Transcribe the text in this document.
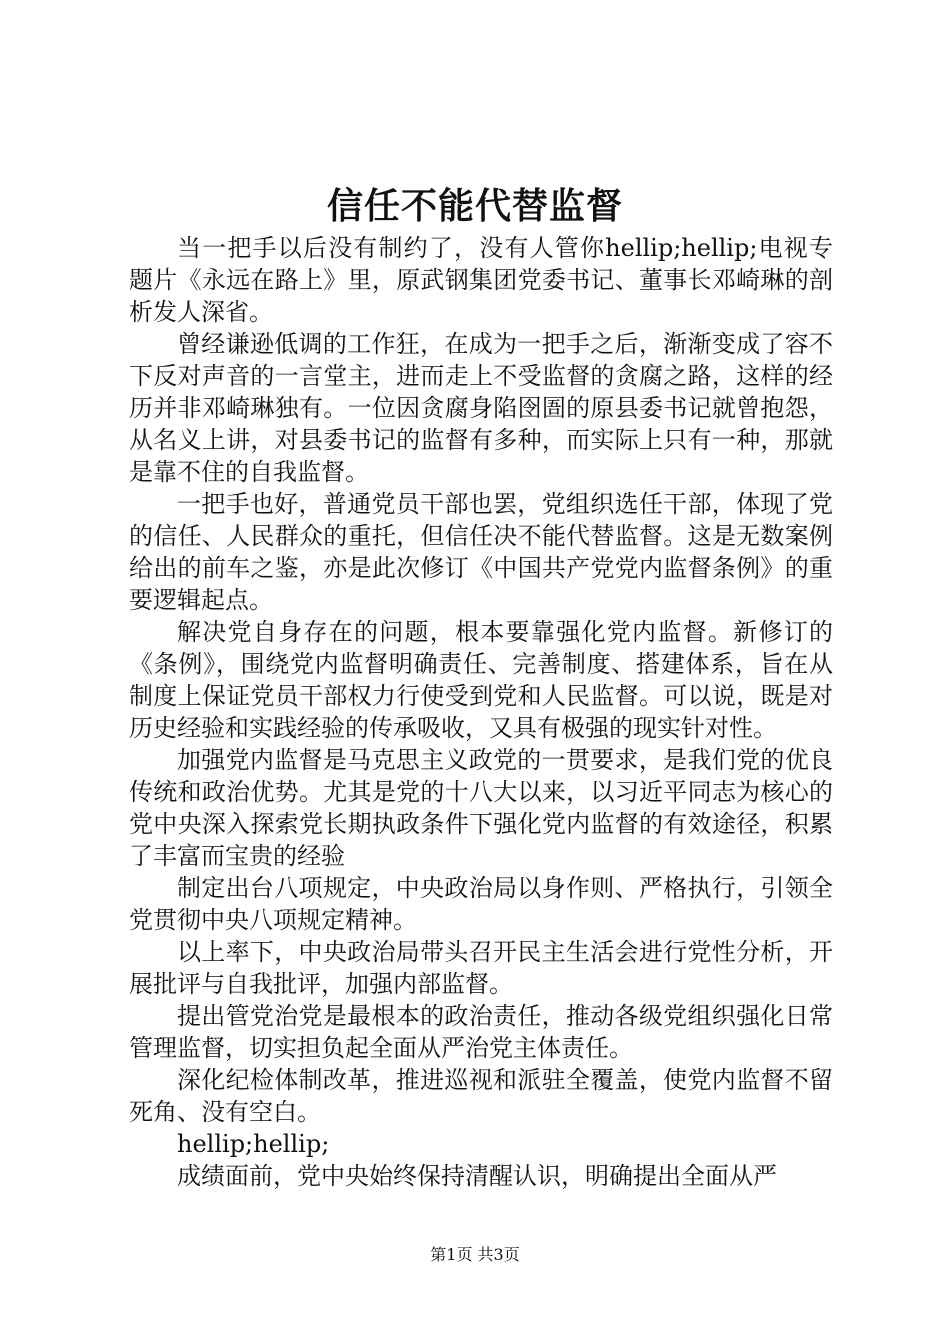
信任不能代替监督

当一把手以后没有制约了，没有人管你hellip;hellip;电视专题片《永远在路上》里，原武钢集团党委书记、董事长邓崎琳的剖析发人深省。

曾经谦逊低调的工作狂，在成为一把手之后，渐渐变成了容不下反对声音的一言堂主，进而走上不受监督的贪腐之路，这样的经历并非邓崎琳独有。一位因贪腐身陷囹圄的原县委书记就曾抱怨，从名义上讲，对县委书记的监督有多种，而实际上只有一种，那就是靠不住的自我监督。

一把手也好，普通党员干部也罢，党组织选任干部，体现了党的信任、人民群众的重托，但信任决不能代替监督。这是无数案例给出的前车之鉴，亦是此次修订《中国共产党党内监督条例》的重要逻辑起点。

解决党自身存在的问题，根本要靠强化党内监督。新修订的《条例》，围绕党内监督明确责任、完善制度、搭建体系，旨在从制度上保证党员干部权力行使受到党和人民监督。可以说，既是对历史经验和实践经验的传承吸收，又具有极强的现实针对性。

加强党内监督是马克思主义政党的一贯要求，是我们党的优良传统和政治优势。尤其是党的十八大以来，以习近平同志为核心的党中央深入探索党长期执政条件下强化党内监督的有效途径，积累了丰富而宝贵的经验

制定出台八项规定，中央政治局以身作则、严格执行，引领全党贯彻中央八项规定精神。

以上率下，中央政治局带头召开民主生活会进行党性分析，开展批评与自我批评，加强内部监督。

提出管党治党是最根本的政治责任，推动各级党组织强化日常管理监督，切实担负起全面从严治党主体责任。

深化纪检体制改革，推进巡视和派驻全覆盖，使党内监督不留死角、没有空白。

hellip;hellip;

成绩面前，党中央始终保持清醒认识，明确提出全面从严

第1页 共3页
